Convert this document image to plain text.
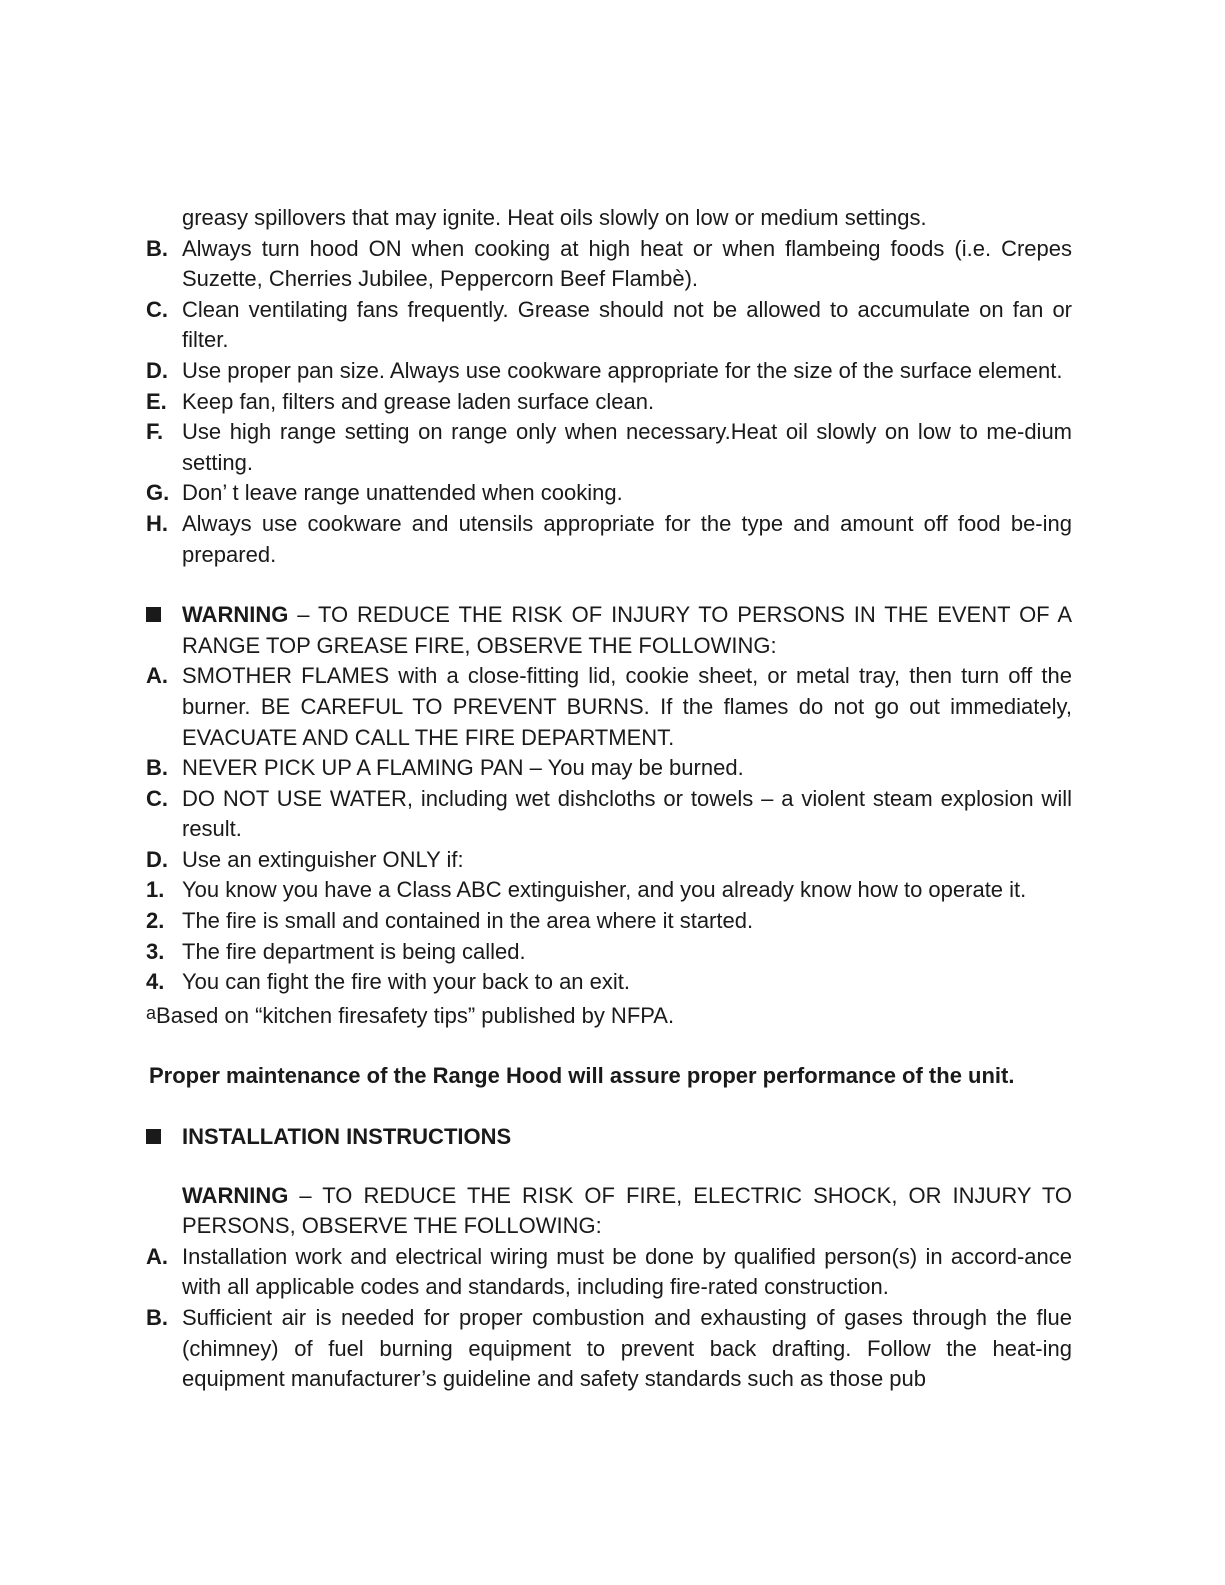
greasy spillovers that may ignite. Heat oils slowly on low or medium settings.
B. Always turn hood ON when cooking at high heat or when flambeing foods (i.e. Crepes Suzette, Cherries Jubilee, Peppercorn Beef Flambè).
C. Clean ventilating fans frequently. Grease should not be allowed to accumulate on fan or filter.
D. Use proper pan size. Always use cookware appropriate for the size of the surface element.
E. Keep fan, filters and grease laden surface clean.
F. Use high range setting on range only when necessary.Heat oil slowly on low to me-dium setting.
G. Don’ t leave range unattended when cooking.
H. Always use cookware and utensils appropriate for the type and amount off food be-ing prepared.
WARNING – TO REDUCE THE RISK OF INJURY TO PERSONS IN THE EVENT OF A RANGE TOP GREASE FIRE, OBSERVE THE FOLLOWING:
A. SMOTHER FLAMES with a close-fitting lid, cookie sheet, or metal tray, then turn off the burner. BE CAREFUL TO PREVENT BURNS. If the flames do not go out immediately, EVACUATE AND CALL THE FIRE DEPARTMENT.
B. NEVER PICK UP A FLAMING PAN – You may be burned.
C. DO NOT USE WATER, including wet dishcloths or towels – a violent steam explosion will result.
D. Use an extinguisher ONLY if:
1. You know you have a Class ABC extinguisher, and you already know how to operate it.
2. The fire is small and contained in the area where it started.
3. The fire department is being called.
4. You can fight the fire with your back to an exit.
$^a$Based on “kitchen firesafety tips” published by NFPA.
Proper maintenance of the Range Hood will assure proper performance of the unit.
INSTALLATION INSTRUCTIONS
WARNING – TO REDUCE THE RISK OF FIRE, ELECTRIC SHOCK, OR INJURY TO PERSONS, OBSERVE THE FOLLOWING:
A. Installation work and electrical wiring must be done by qualified person(s) in accord-ance with all applicable codes and standards, including fire-rated construction.
B. Sufficient air is needed for proper combustion and exhausting of gases through the flue (chimney) of fuel burning equipment to prevent back drafting. Follow the heat-ing equipment manufacturer’s guideline and safety standards such as those pub
